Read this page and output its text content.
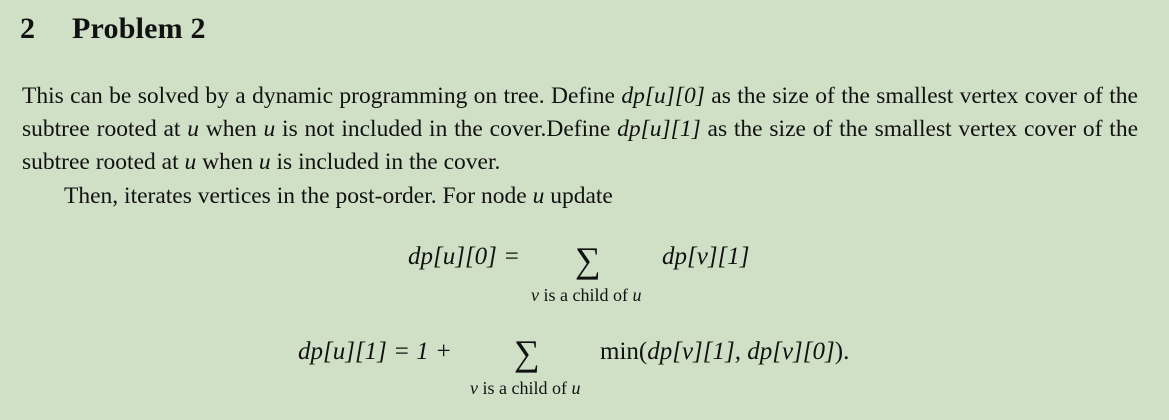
2 Problem 2

This can be solved by a dynamic programming on tree. Define dp[u][0] as the size of the smallest vertex cover of the subtree rooted at u when u is not included in the cover.Define dp[u][1] as the size of the smallest vertex cover of the subtree rooted at u when u is included in the cover.

Then, iterates vertices in the post-order. For node u update

dp[u][0] = ∑
v is a child of u
dp[v][1]
dp[u][1] = 1 + ∑
v is a child of u
min(dp[v][1], dp[v][0]).
